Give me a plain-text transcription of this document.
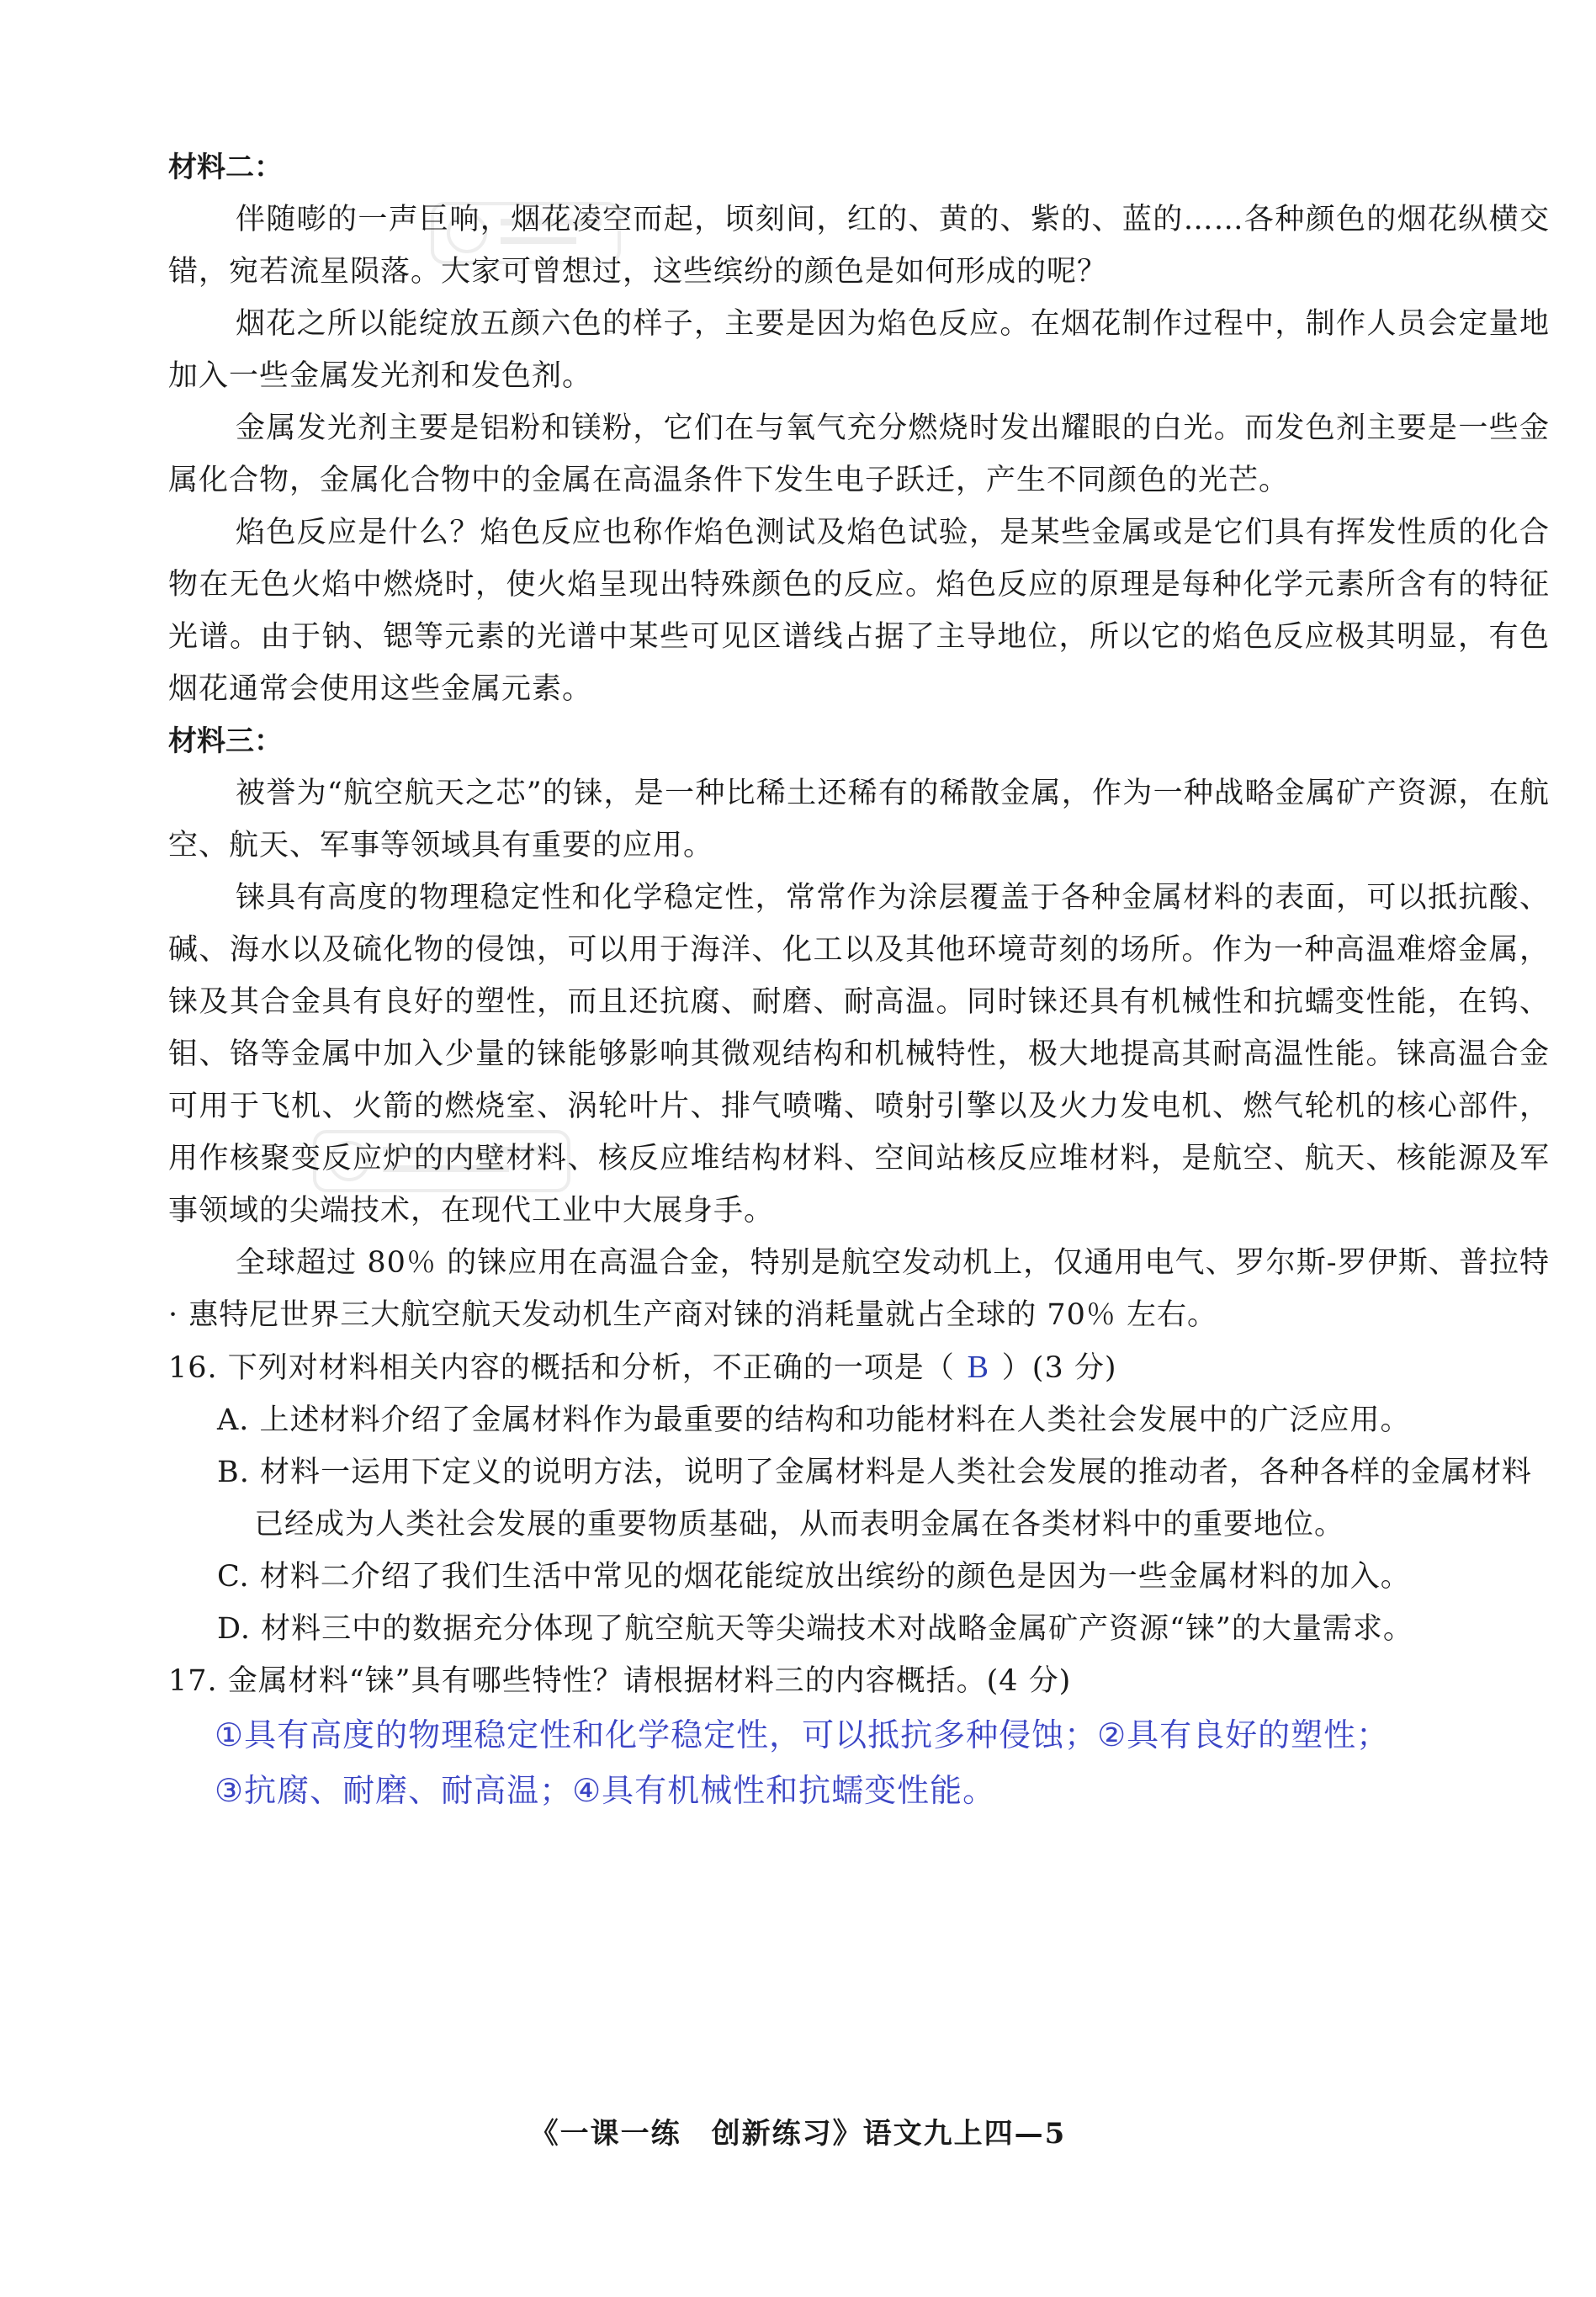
材料二：

伴随嘭的一声巨响，烟花凌空而起，顷刻间，红的、黄的、紫的、蓝的……各种颜色的烟花纵横交错，宛若流星陨落。大家可曾想过，这些缤纷的颜色是如何形成的呢？

烟花之所以能绽放五颜六色的样子，主要是因为焰色反应。在烟花制作过程中，制作人员会定量地加入一些金属发光剂和发色剂。

金属发光剂主要是铝粉和镁粉，它们在与氧气充分燃烧时发出耀眼的白光。而发色剂主要是一些金属化合物，金属化合物中的金属在高温条件下发生电子跃迁，产生不同颜色的光芒。

焰色反应是什么？焰色反应也称作焰色测试及焰色试验，是某些金属或是它们具有挥发性质的化合物在无色火焰中燃烧时，使火焰呈现出特殊颜色的反应。焰色反应的原理是每种化学元素所含有的特征光谱。由于钠、锶等元素的光谱中某些可见区谱线占据了主导地位，所以它的焰色反应极其明显，有色烟花通常会使用这些金属元素。

材料三：

被誉为“航空航天之芯”的铼，是一种比稀土还稀有的稀散金属，作为一种战略金属矿产资源，在航空、航天、军事等领域具有重要的应用。

铼具有高度的物理稳定性和化学稳定性，常常作为涂层覆盖于各种金属材料的表面，可以抵抗酸、碱、海水以及硫化物的侵蚀，可以用于海洋、化工以及其他环境苛刻的场所。作为一种高温难熔金属，铼及其合金具有良好的塑性，而且还抗腐、耐磨、耐高温。同时铼还具有机械性和抗蠕变性能，在钨、钼、铬等金属中加入少量的铼能够影响其微观结构和机械特性，极大地提高其耐高温性能。铼高温合金可用于飞机、火箭的燃烧室、涡轮叶片、排气喷嘴、喷射引擎以及火力发电机、燃气轮机的核心部件，用作核聚变反应炉的内壁材料、核反应堆结构材料、空间站核反应堆材料，是航空、航天、核能源及军事领域的尖端技术，在现代工业中大展身手。

全球超过 80％ 的铼应用在高温合金，特别是航空发动机上，仅通用电气、罗尔斯-罗伊斯、普拉特 · 惠特尼世界三大航空航天发动机生产商对铼的消耗量就占全球的 70％ 左右。

16. 下列对材料相关内容的概括和分析，不正确的一项是（ B ）(3 分)

A. 上述材料介绍了金属材料作为最重要的结构和功能材料在人类社会发展中的广泛应用。

B. 材料一运用下定义的说明方法，说明了金属材料是人类社会发展的推动者，各种各样的金属材料已经成为人类社会发展的重要物质基础，从而表明金属在各类材料中的重要地位。

C. 材料二介绍了我们生活中常见的烟花能绽放出缤纷的颜色是因为一些金属材料的加入。

D. 材料三中的数据充分体现了航空航天等尖端技术对战略金属矿产资源“铼”的大量需求。

17. 金属材料“铼”具有哪些特性？请根据材料三的内容概括。(4 分)

①具有高度的物理稳定性和化学稳定性，可以抵抗多种侵蚀；②具有良好的塑性；
③抗腐、耐磨、耐高温；④具有机械性和抗蠕变性能。
《一课一练　创新练习》语文九上四—5
